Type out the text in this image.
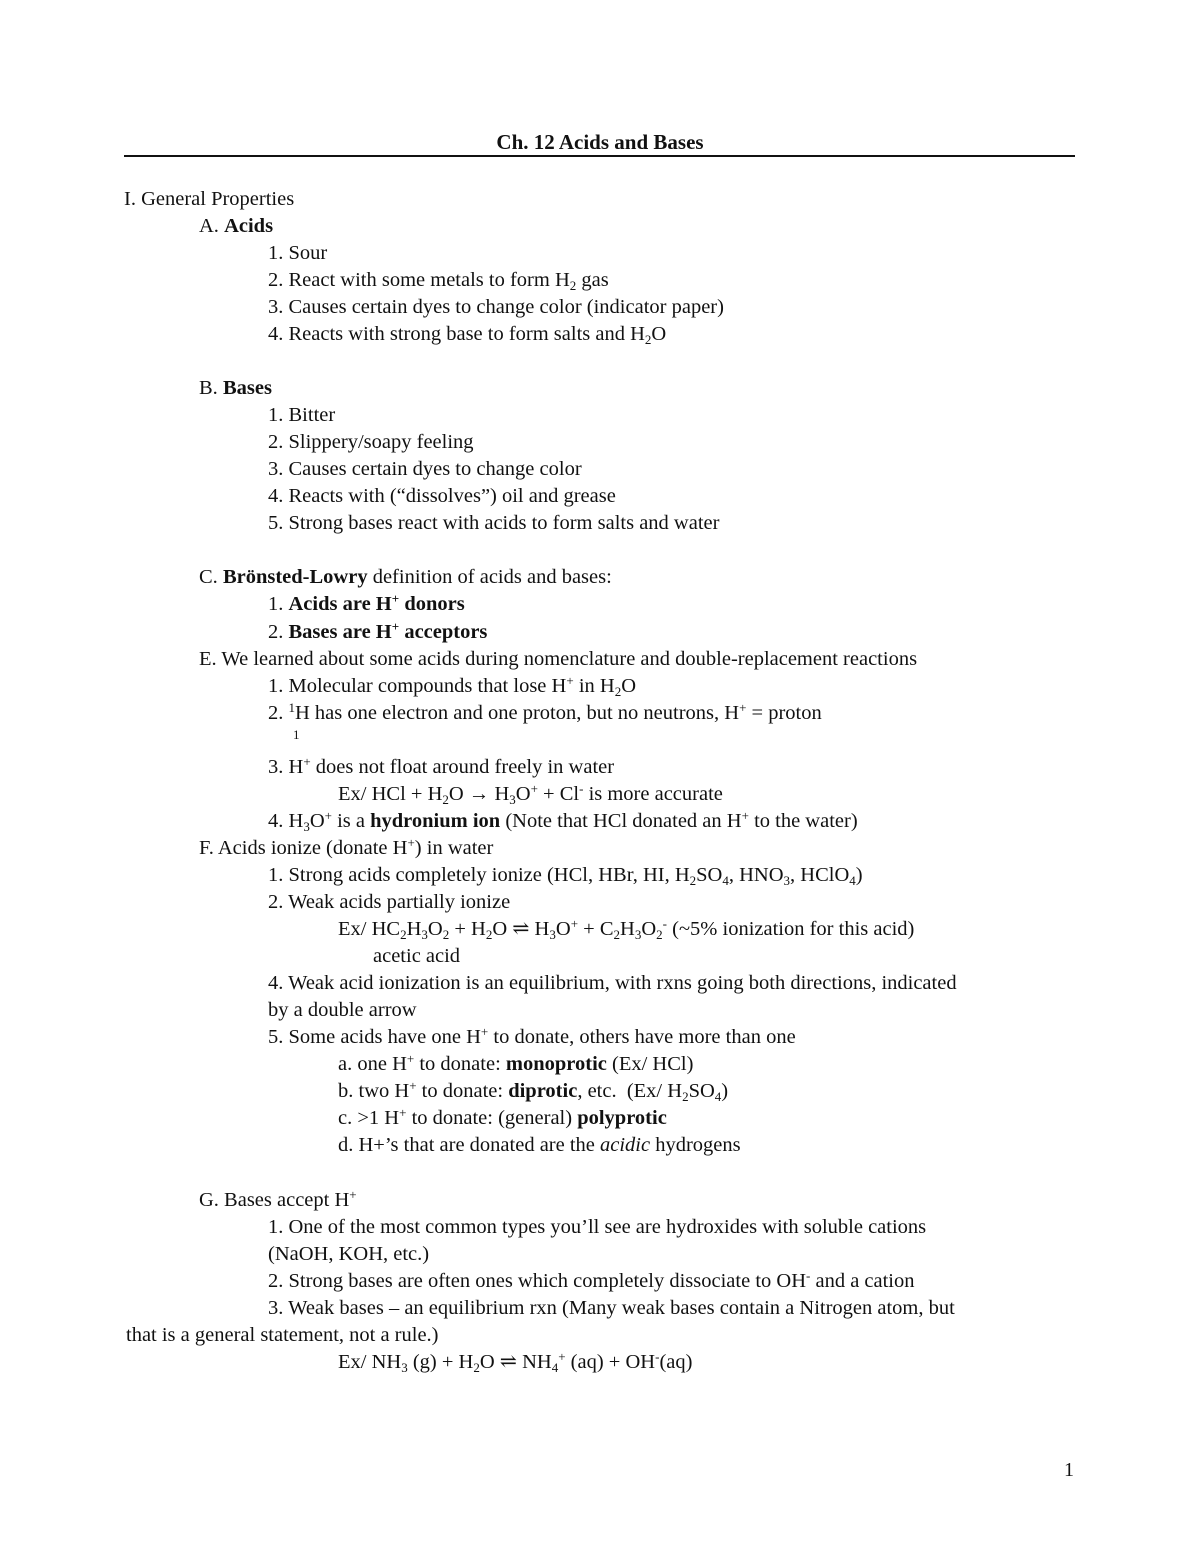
Ch. 12 Acids and Bases
I. General Properties
A. Acids
1. Sour
2. React with some metals to form $H_2$ gas
3. Causes certain dyes to change color (indicator paper)
4. Reacts with strong base to form salts and $H_2O$
B. Bases
1. Bitter
2. Slippery/soapy feeling
3. Causes certain dyes to change color
4. Reacts with (“dissolves”) oil and grease
5. Strong bases react with acids to form salts and water
C. Brönsted-Lowry definition of acids and bases:
1. Acids are H+ donors
2. Bases are H+ acceptors
E. We learned about some acids during nomenclature and double-replacement reactions
1. Molecular compounds that lose H+ in $H_2O$
2. $^1$H has one electron and one proton, but no neutrons, H+ = proton
1
3. H+ does not float around freely in water
Ex/ HCl + $H_2O \to H_3O^+ + Cl^-$ is more accurate
4. $H_3O^+$ is a hydronium ion (Note that HCl donated an H+ to the water)
F. Acids ionize (donate H+) in water
1. Strong acids completely ionize (HCl, HBr, HI, $H_2SO_4$, $HNO_3$, HClO$_4$)
2. Weak acids partially ionize
Ex/ $HC_2H_3O_2 + H_2O$ ⇌ $H_3O^+ + C_2H_3O_2^-$ (~5% ionization for this acid)
acetic acid
4. Weak acid ionization is an equilibrium, with rxns going both directions, indicated
by a double arrow
5. Some acids have one H+ to donate, others have more than one
a. one H+ to donate: monoprotic (Ex/ HCl)
b. two H+ to donate: diprotic, etc.  (Ex/ $H_2SO_4$)
c. >1 H+ to donate: (general) polyprotic
d. H+’s that are donated are the acidic hydrogens
G. Bases accept H+
1. One of the most common types you’ll see are hydroxides with soluble cations
(NaOH, KOH, etc.)
2. Strong bases are often ones which completely dissociate to OH- and a cation
3. Weak bases – an equilibrium rxn (Many weak bases contain a Nitrogen atom, but
that is a general statement, not a rule.)
Ex/ $NH_3$ $(g) + H_2O$ ⇌ $NH_4^+$ (aq) + OH-(aq)
1
